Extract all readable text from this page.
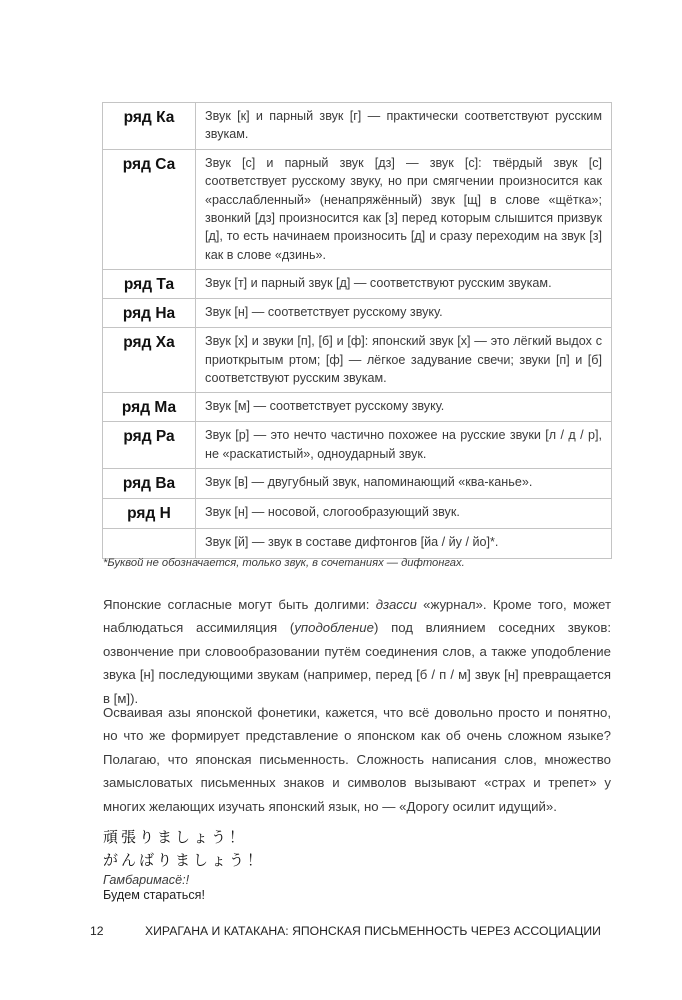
ряд Ка	Звук [к] и парный звук [г] — практически соответствуют русским звукам.
ряд Са	Звук [с] и парный звук [дз] — звук [с]: твёрдый звук [с] соответствует русскому звуку, но при смягчении произносится как «расслабленный» (ненапряжённый) звук [щ] в слове «щётка»; звонкий [дз] произносится как [з] перед которым слышится призвук [д], то есть начинаем произносить [д] и сразу переходим на звук [з] как в слове «дзинь».
ряд Та	Звук [т] и парный звук [д] — соответствуют русским звукам.
ряд На	Звук [н] — соответствует русскому звуку.
ряд Ха	Звук [х] и звуки [п], [б] и [ф]: японский звук [х] — это лёгкий выдох с приоткрытым ртом; [ф] — лёгкое задувание свечи; звуки [п] и [б] соответствуют русским звукам.
ряд Ма	Звук [м] — соответствует русскому звуку.
ряд Ра	Звук [р] — это нечто частично похожее на русские звуки [л / д / р], не «раскатистый», одноударный звук.
ряд Ва	Звук [в] — двугубный звук, напоминающий «ква-канье».
ряд Н	Звук [н] — носовой, слогообразующий звук.
	Звук [й] — звук в составе дифтонгов [йа / йу / йо]*.
*Буквой не обозначается, только звук, в сочетаниях — дифтонгах.

Японские согласные могут быть долгими: дзасси «журнал». Кроме того, может наблюдаться ассимиляция (уподобление) под влиянием соседних звуков: озвончение при словообразовании путём соединения слов, а также уподобление звука [н] последующими звукам (например, перед [б / п / м] звук [н] превращается в [м]).

Осваивая азы японской фонетики, кажется, что всё довольно просто и понятно, но что же формирует представление о японском как об очень сложном языке? Полагаю, что японская письменность. Сложность написания слов, множество замысловатых письменных знаков и символов вызывают «страх и трепет» у многих желающих изучать японский язык, но — «Дорогу осилит идущий».

頑張りましょう！
がんばりましょう！
Гамбаримасё:!
Будем стараться!
12	ХИРАГАНА И КАТАКАНА: ЯПОНСКАЯ ПИСЬМЕННОСТЬ ЧЕРЕЗ АССОЦИАЦИИ
